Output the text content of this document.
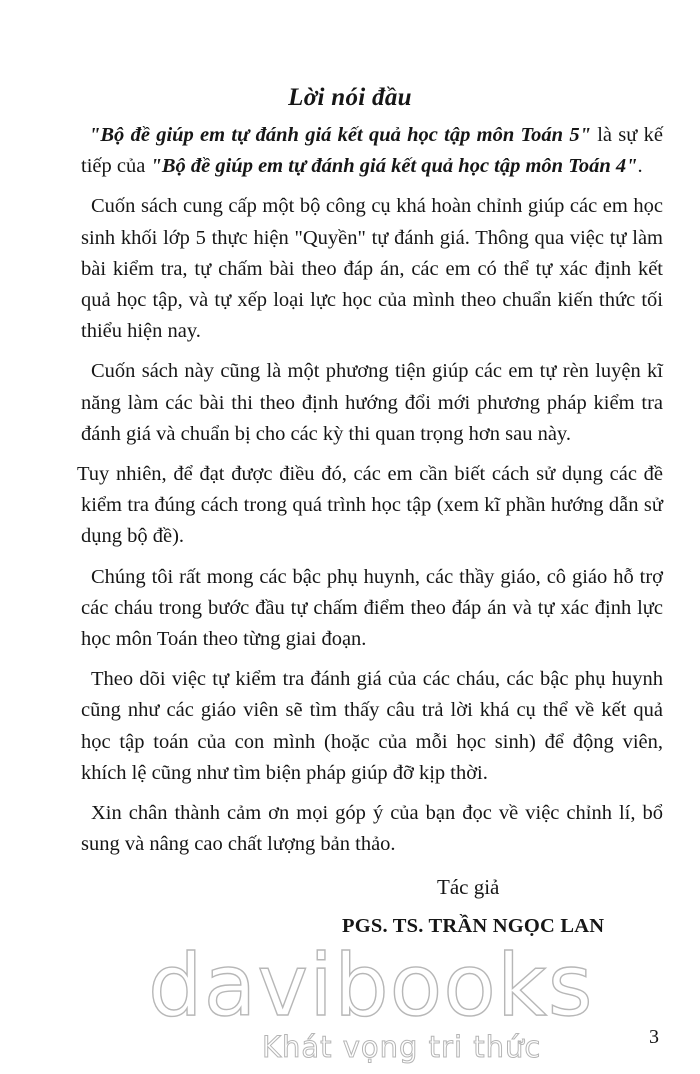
Lời nói đầu

"Bộ đề giúp em tự đánh giá kết quả học tập môn Toán 5" là sự kế tiếp của "Bộ đề giúp em tự đánh giá kết quả học tập môn Toán 4".

Cuốn sách cung cấp một bộ công cụ khá hoàn chỉnh giúp các em học sinh khối lớp 5 thực hiện "Quyền" tự đánh giá. Thông qua việc tự làm bài kiểm tra, tự chấm bài theo đáp án, các em có thể tự xác định kết quả học tập, và tự xếp loại lực học của mình theo chuẩn kiến thức tối thiểu hiện nay.

Cuốn sách này cũng là một phương tiện giúp các em tự rèn luyện kĩ năng làm các bài thi theo định hướng đổi mới phương pháp kiểm tra đánh giá và chuẩn bị cho các kỳ thi quan trọng hơn sau này.

Tuy nhiên, để đạt được điều đó, các em cần biết cách sử dụng các đề kiểm tra đúng cách trong quá trình học tập (xem kĩ phần hướng dẫn sử dụng bộ đề).

Chúng tôi rất mong các bậc phụ huynh, các thầy giáo, cô giáo hỗ trợ các cháu trong bước đầu tự chấm điểm theo đáp án và tự xác định lực học môn Toán theo từng giai đoạn.

Theo dõi việc tự kiểm tra đánh giá của các cháu, các bậc phụ huynh cũng như các giáo viên sẽ tìm thấy câu trả lời khá cụ thể về kết quả học tập toán của con mình (hoặc của mỗi học sinh) để động viên, khích lệ cũng như tìm biện pháp giúp đỡ kịp thời.

Xin chân thành cảm ơn mọi góp ý của bạn đọc về việc chỉnh lí, bổ sung và nâng cao chất lượng bản thảo.

Tác giả
PGS. TS. TRẦN NGỌC LAN
davibooks
Khát vọng tri thức	3
